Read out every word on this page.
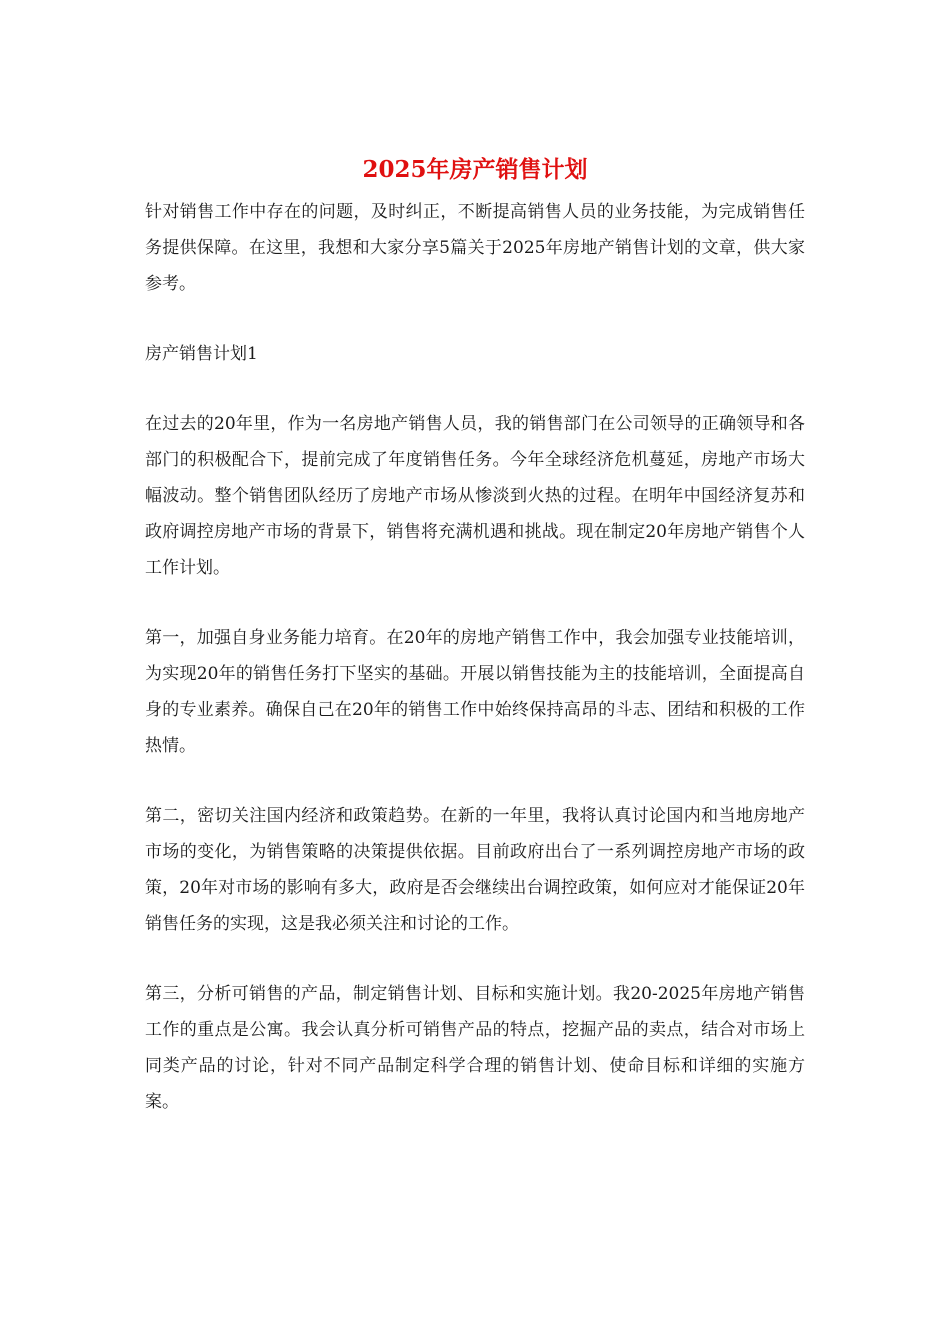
2025年房产销售计划

针对销售工作中存在的问题，及时纠正，不断提高销售人员的业务技能，为完成销售任务提供保障。在这里，我想和大家分享5篇关于2025年房地产销售计划的文章，供大家参考。

房产销售计划1

在过去的20年里，作为一名房地产销售人员，我的销售部门在公司领导的正确领导和各部门的积极配合下，提前完成了年度销售任务。今年全球经济危机蔓延，房地产市场大幅波动。整个销售团队经历了房地产市场从惨淡到火热的过程。在明年中国经济复苏和政府调控房地产市场的背景下，销售将充满机遇和挑战。现在制定20年房地产销售个人工作计划。

第一，加强自身业务能力培育。在20年的房地产销售工作中，我会加强专业技能培训，为实现20年的销售任务打下坚实的基础。开展以销售技能为主的技能培训，全面提高自身的专业素养。确保自己在20年的销售工作中始终保持高昂的斗志、团结和积极的工作热情。

第二，密切关注国内经济和政策趋势。在新的一年里，我将认真讨论国内和当地房地产市场的变化，为销售策略的决策提供依据。目前政府出台了一系列调控房地产市场的政策，20年对市场的影响有多大，政府是否会继续出台调控政策，如何应对才能保证20年销售任务的实现，这是我必须关注和讨论的工作。

第三，分析可销售的产品，制定销售计划、目标和实施计划。我20-2025年房地产销售工作的重点是公寓。我会认真分析可销售产品的特点，挖掘产品的卖点，结合对市场上同类产品的讨论，针对不同产品制定科学合理的销售计划、使命目标和详细的实施方案。
